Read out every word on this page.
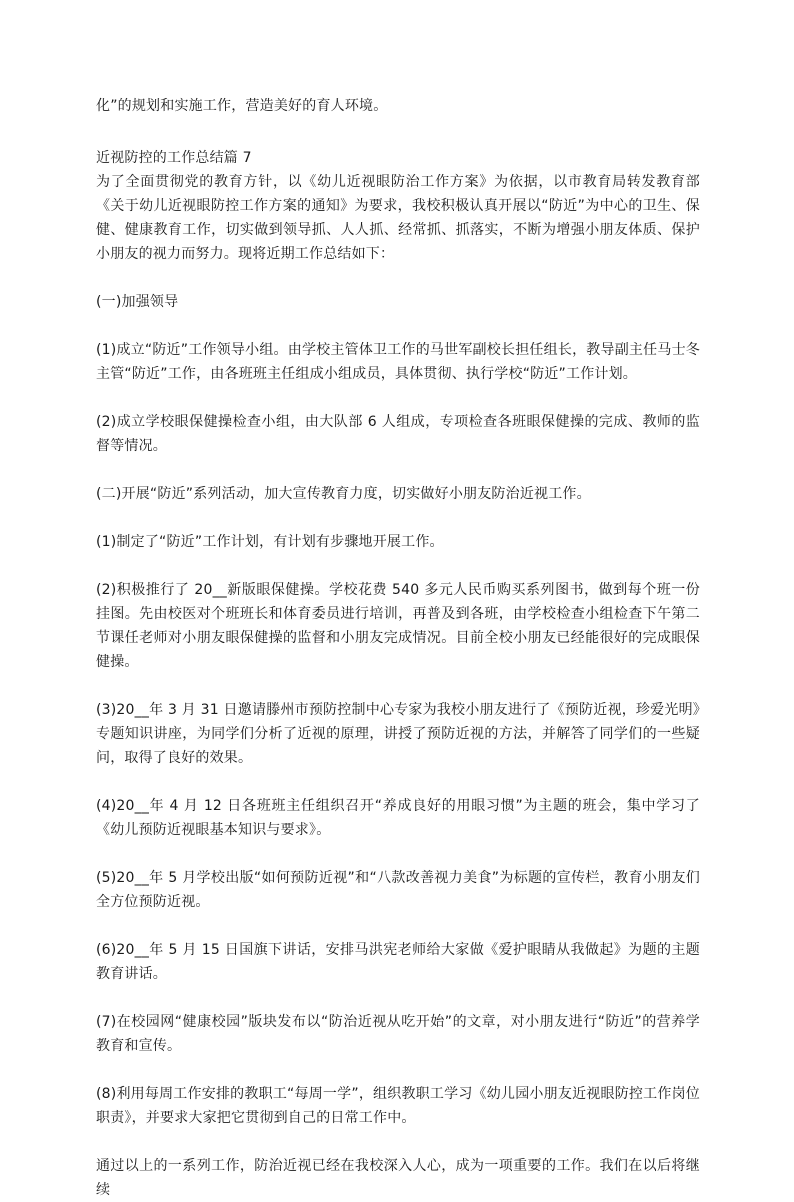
化”的规划和实施工作，营造美好的育人环境。

近视防控的工作总结篇 7

为了全面贯彻党的教育方针，以《幼儿近视眼防治工作方案》为依据，以市教育局转发教育部《关于幼儿近视眼防控工作方案的通知》为要求，我校积极认真开展以“防近”为中心的卫生、保健、健康教育工作，切实做到领导抓、人人抓、经常抓、抓落实，不断为增强小朋友体质、保护小朋友的视力而努力。现将近期工作总结如下：

(一)加强领导

(1)成立“防近”工作领导小组。由学校主管体卫工作的马世军副校长担任组长，教导副主任马士冬主管“防近”工作，由各班班主任组成小组成员，具体贯彻、执行学校“防近”工作计划。

(2)成立学校眼保健操检查小组，由大队部 6 人组成，专项检查各班眼保健操的完成、教师的监督等情况。

(二)开展“防近”系列活动，加大宣传教育力度，切实做好小朋友防治近视工作。

(1)制定了“防近”工作计划，有计划有步骤地开展工作。

(2)积极推行了 20__新版眼保健操。学校花费 540 多元人民币购买系列图书，做到每个班一份挂图。先由校医对个班班长和体育委员进行培训，再普及到各班，由学校检查小组检查下午第二节课任老师对小朋友眼保健操的监督和小朋友完成情况。目前全校小朋友已经能很好的完成眼保健操。

(3)20__年 3 月 31 日邀请滕州市预防控制中心专家为我校小朋友进行了《预防近视，珍爱光明》专题知识讲座，为同学们分析了近视的原理，讲授了预防近视的方法，并解答了同学们的一些疑问，取得了良好的效果。

(4)20__年 4 月 12 日各班班主任组织召开“养成良好的用眼习惯”为主题的班会，集中学习了《幼儿预防近视眼基本知识与要求》。

(5)20__年 5 月学校出版“如何预防近视”和“八款改善视力美食”为标题的宣传栏，教育小朋友们全方位预防近视。

(6)20__年 5 月 15 日国旗下讲话，安排马洪宪老师给大家做《爱护眼睛从我做起》为题的主题教育讲话。

(7)在校园网“健康校园”版块发布以“防治近视从吃开始”的文章，对小朋友进行“防近”的营养学教育和宣传。

(8)利用每周工作安排的教职工“每周一学”，组织教职工学习《幼儿园小朋友近视眼防控工作岗位职责》，并要求大家把它贯彻到自己的日常工作中。

通过以上的一系列工作，防治近视已经在我校深入人心，成为一项重要的工作。我们在以后将继续
